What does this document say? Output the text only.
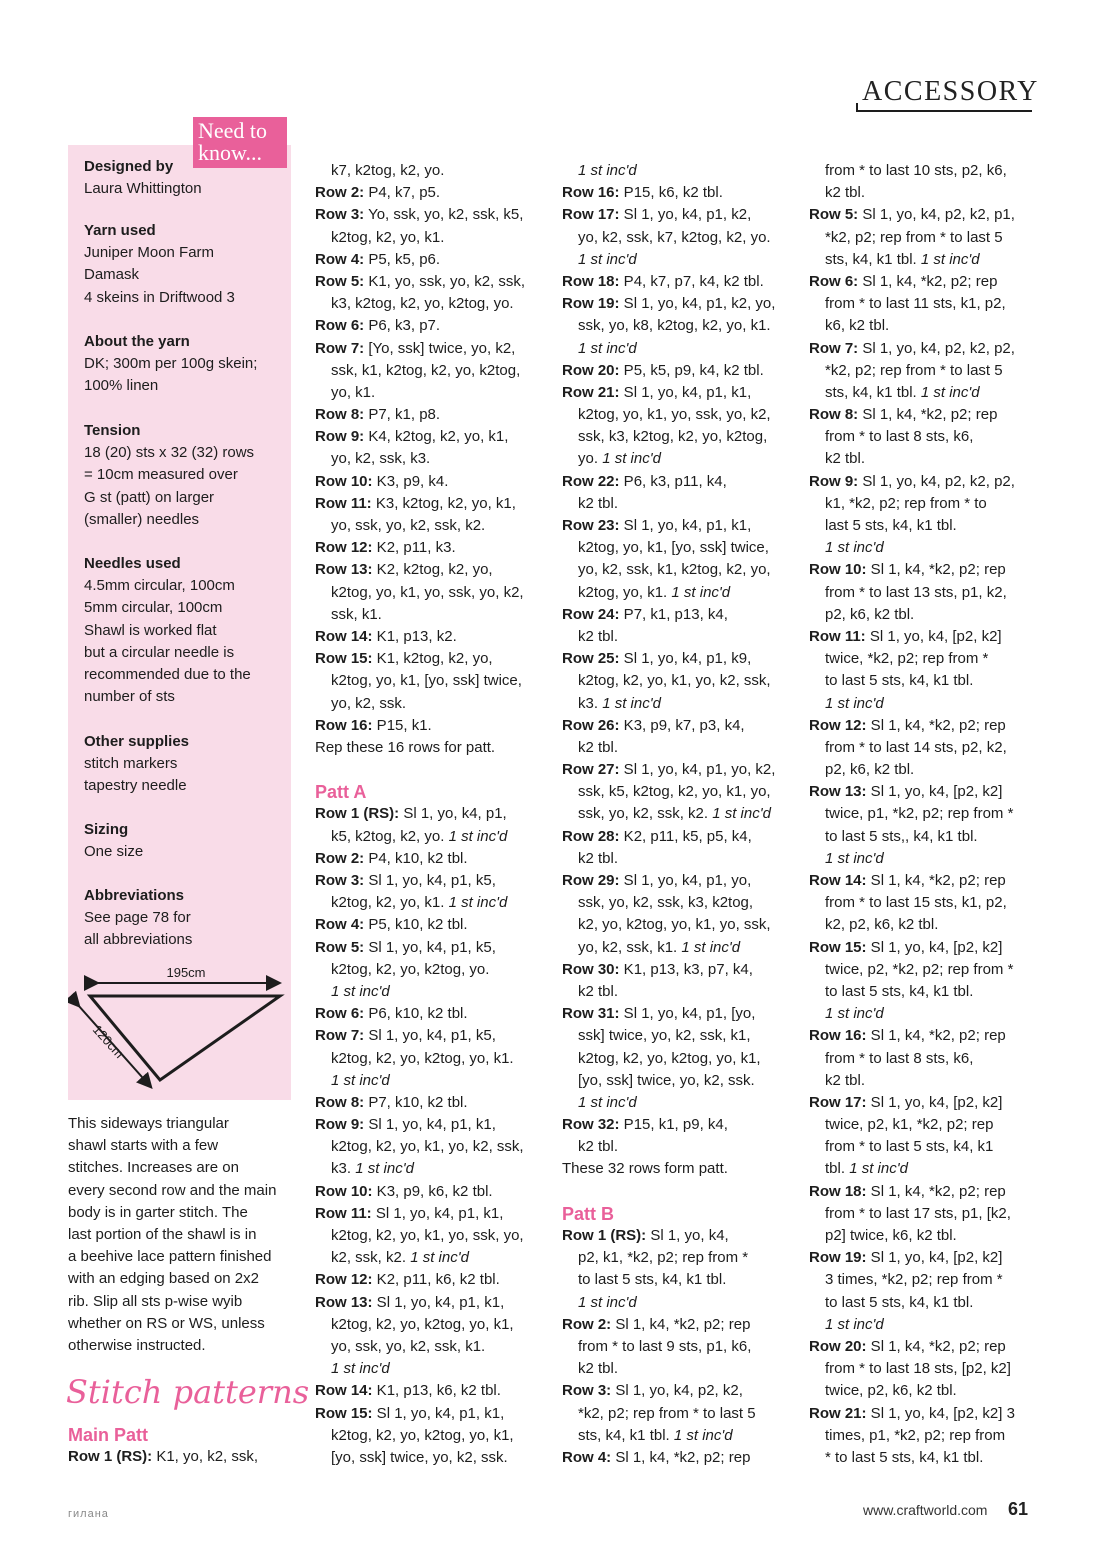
ACCESSORY
195cm
120cm
Designed by
Laura Whittington
Yarn used
Juniper Moon Farm
Damask
4 skeins in Driftwood 3
About the yarn
DK; 300m per 100g skein;
100% linen
Tension
18 (20) sts x 32 (32) rows
= 10cm measured over
G st (patt) on larger
(smaller) needles
Needles used
4.5mm circular, 100cm
5mm circular, 100cm
Shawl is worked flat
but a circular needle is
recommended due to the
number of sts
Other supplies
stitch markers
tapestry needle
Sizing
One size
Abbreviations
See page 78 for
all abbreviations
Need to
know...
This sideways triangular
shawl starts with a few
stitches. Increases are on
every second row and the main
body is in garter stitch. The
last portion of the shawl is in
a beehive lace pattern finished
with an edging based on 2x2
rib. Slip all sts p-wise wyib
whether on RS or WS, unless
otherwise instructed.
Stitch patterns
Main Patt
Row 1 (RS): K1, yo, k2, ssk,
k7, k2tog, k2, yo.
Row 2: P4, k7, p5.
Row 3: Yo, ssk, yo, k2, ssk, k5,
k2tog, k2, yo, k1.
Row 4: P5, k5, p6.
Row 5: K1, yo, ssk, yo, k2, ssk,
k3, k2tog, k2, yo, k2tog, yo.
Row 6: P6, k3, p7.
Row 7: [Yo, ssk] twice, yo, k2,
ssk, k1, k2tog, k2, yo, k2tog,
yo, k1.
Row 8: P7, k1, p8.
Row 9: K4, k2tog, k2, yo, k1,
yo, k2, ssk, k3.
Row 10: K3, p9, k4.
Row 11: K3, k2tog, k2, yo, k1,
yo, ssk, yo, k2, ssk, k2.
Row 12: K2, p11, k3.
Row 13: K2, k2tog, k2, yo,
k2tog, yo, k1, yo, ssk, yo, k2,
ssk, k1.
Row 14: K1, p13, k2.
Row 15: K1, k2tog, k2, yo,
k2tog, yo, k1, [yo, ssk] twice,
yo, k2, ssk.
Row 16: P15, k1.
Rep these 16 rows for patt.
Patt A
Row 1 (RS): Sl 1, yo, k4, p1,
k5, k2tog, k2, yo. 1 st inc'd
Row 2: P4, k10, k2 tbl.
Row 3: Sl 1, yo, k4, p1, k5,
k2tog, k2, yo, k1. 1 st inc'd
Row 4: P5, k10, k2 tbl.
Row 5: Sl 1, yo, k4, p1, k5,
k2tog, k2, yo, k2tog, yo.
1 st inc'd
Row 6: P6, k10, k2 tbl.
Row 7: Sl 1, yo, k4, p1, k5,
k2tog, k2, yo, k2tog, yo, k1.
1 st inc'd
Row 8: P7, k10, k2 tbl.
Row 9: Sl 1, yo, k4, p1, k1,
k2tog, k2, yo, k1, yo, k2, ssk,
k3. 1 st inc'd
Row 10: K3, p9, k6, k2 tbl.
Row 11: Sl 1, yo, k4, p1, k1,
k2tog, k2, yo, k1, yo, ssk, yo,
k2, ssk, k2. 1 st inc'd
Row 12: K2, p11, k6, k2 tbl.
Row 13: Sl 1, yo, k4, p1, k1,
k2tog, k2, yo, k2tog, yo, k1,
yo, ssk, yo, k2, ssk, k1.
1 st inc'd
Row 14: K1, p13, k6, k2 tbl.
Row 15: Sl 1, yo, k4, p1, k1,
k2tog, k2, yo, k2tog, yo, k1,
[yo, ssk] twice, yo, k2, ssk.
1 st inc'd
Row 16: P15, k6, k2 tbl.
Row 17: Sl 1, yo, k4, p1, k2,
yo, k2, ssk, k7, k2tog, k2, yo.
1 st inc'd
Row 18: P4, k7, p7, k4, k2 tbl.
Row 19: Sl 1, yo, k4, p1, k2, yo,
ssk, yo, k8, k2tog, k2, yo, k1.
1 st inc'd
Row 20: P5, k5, p9, k4, k2 tbl.
Row 21: Sl 1, yo, k4, p1, k1,
k2tog, yo, k1, yo, ssk, yo, k2,
ssk, k3, k2tog, k2, yo, k2tog,
yo. 1 st inc'd
Row 22: P6, k3, p11, k4,
k2 tbl.
Row 23: Sl 1, yo, k4, p1, k1,
k2tog, yo, k1, [yo, ssk] twice,
yo, k2, ssk, k1, k2tog, k2, yo,
k2tog, yo, k1. 1 st inc'd
Row 24: P7, k1, p13, k4,
k2 tbl.
Row 25: Sl 1, yo, k4, p1, k9,
k2tog, k2, yo, k1, yo, k2, ssk,
k3. 1 st inc'd
Row 26: K3, p9, k7, p3, k4,
k2 tbl.
Row 27: Sl 1, yo, k4, p1, yo, k2,
ssk, k5, k2tog, k2, yo, k1, yo,
ssk, yo, k2, ssk, k2. 1 st inc'd
Row 28: K2, p11, k5, p5, k4,
k2 tbl.
Row 29: Sl 1, yo, k4, p1, yo,
ssk, yo, k2, ssk, k3, k2tog,
k2, yo, k2tog, yo, k1, yo, ssk,
yo, k2, ssk, k1. 1 st inc'd
Row 30: K1, p13, k3, p7, k4,
k2 tbl.
Row 31: Sl 1, yo, k4, p1, [yo,
ssk] twice, yo, k2, ssk, k1,
k2tog, k2, yo, k2tog, yo, k1,
[yo, ssk] twice, yo, k2, ssk.
1 st inc'd
Row 32: P15, k1, p9, k4,
k2 tbl.
These 32 rows form patt.
Patt B
Row 1 (RS): Sl 1, yo, k4,
p2, k1, *k2, p2; rep from *
to last 5 sts, k4, k1 tbl.
1 st inc'd
Row 2: Sl 1, k4, *k2, p2; rep
from * to last 9 sts, p1, k6,
k2 tbl.
Row 3: Sl 1, yo, k4, p2, k2,
*k2, p2; rep from * to last 5
sts, k4, k1 tbl. 1 st inc'd
Row 4: Sl 1, k4, *k2, p2; rep
from * to last 10 sts, p2, k6,
k2 tbl.
Row 5: Sl 1, yo, k4, p2, k2, p1,
*k2, p2; rep from * to last 5
sts, k4, k1 tbl. 1 st inc'd
Row 6: Sl 1, k4, *k2, p2; rep
from * to last 11 sts, k1, p2,
k6, k2 tbl.
Row 7: Sl 1, yo, k4, p2, k2, p2,
*k2, p2; rep from * to last 5
sts, k4, k1 tbl. 1 st inc'd
Row 8: Sl 1, k4, *k2, p2; rep
from * to last 8 sts, k6,
k2 tbl.
Row 9: Sl 1, yo, k4, p2, k2, p2,
k1, *k2, p2; rep from * to
last 5 sts, k4, k1 tbl.
1 st inc'd
Row 10: Sl 1, k4, *k2, p2; rep
from * to last 13 sts, p1, k2,
p2, k6, k2 tbl.
Row 11: Sl 1, yo, k4, [p2, k2]
twice, *k2, p2; rep from *
to last 5 sts, k4, k1 tbl.
1 st inc'd
Row 12: Sl 1, k4, *k2, p2; rep
from * to last 14 sts, p2, k2,
p2, k6, k2 tbl.
Row 13: Sl 1, yo, k4, [p2, k2]
twice, p1, *k2, p2; rep from *
to last 5 sts,, k4, k1 tbl.
1 st inc'd
Row 14: Sl 1, k4, *k2, p2; rep
from * to last 15 sts, k1, p2,
k2, p2, k6, k2 tbl.
Row 15: Sl 1, yo, k4, [p2, k2]
twice, p2, *k2, p2; rep from *
to last 5 sts, k4, k1 tbl.
1 st inc'd
Row 16: Sl 1, k4, *k2, p2; rep
from * to last 8 sts, k6,
k2 tbl.
Row 17: Sl 1, yo, k4, [p2, k2]
twice, p2, k1, *k2, p2; rep
from * to last 5 sts, k4, k1
tbl. 1 st inc'd
Row 18: Sl 1, k4, *k2, p2; rep
from * to last 17 sts, p1, [k2,
p2] twice, k6, k2 tbl.
Row 19: Sl 1, yo, k4, [p2, k2]
3 times, *k2, p2; rep from *
to last 5 sts, k4, k1 tbl.
1 st inc'd
Row 20: Sl 1, k4, *k2, p2; rep
from * to last 18 sts, [p2, k2]
twice, p2, k6, k2 tbl.
Row 21: Sl 1, yo, k4, [p2, k2] 3
times, p1, *k2, p2; rep from
* to last 5 sts, k4, k1 tbl.
гилана	www.craftworld.com 61
